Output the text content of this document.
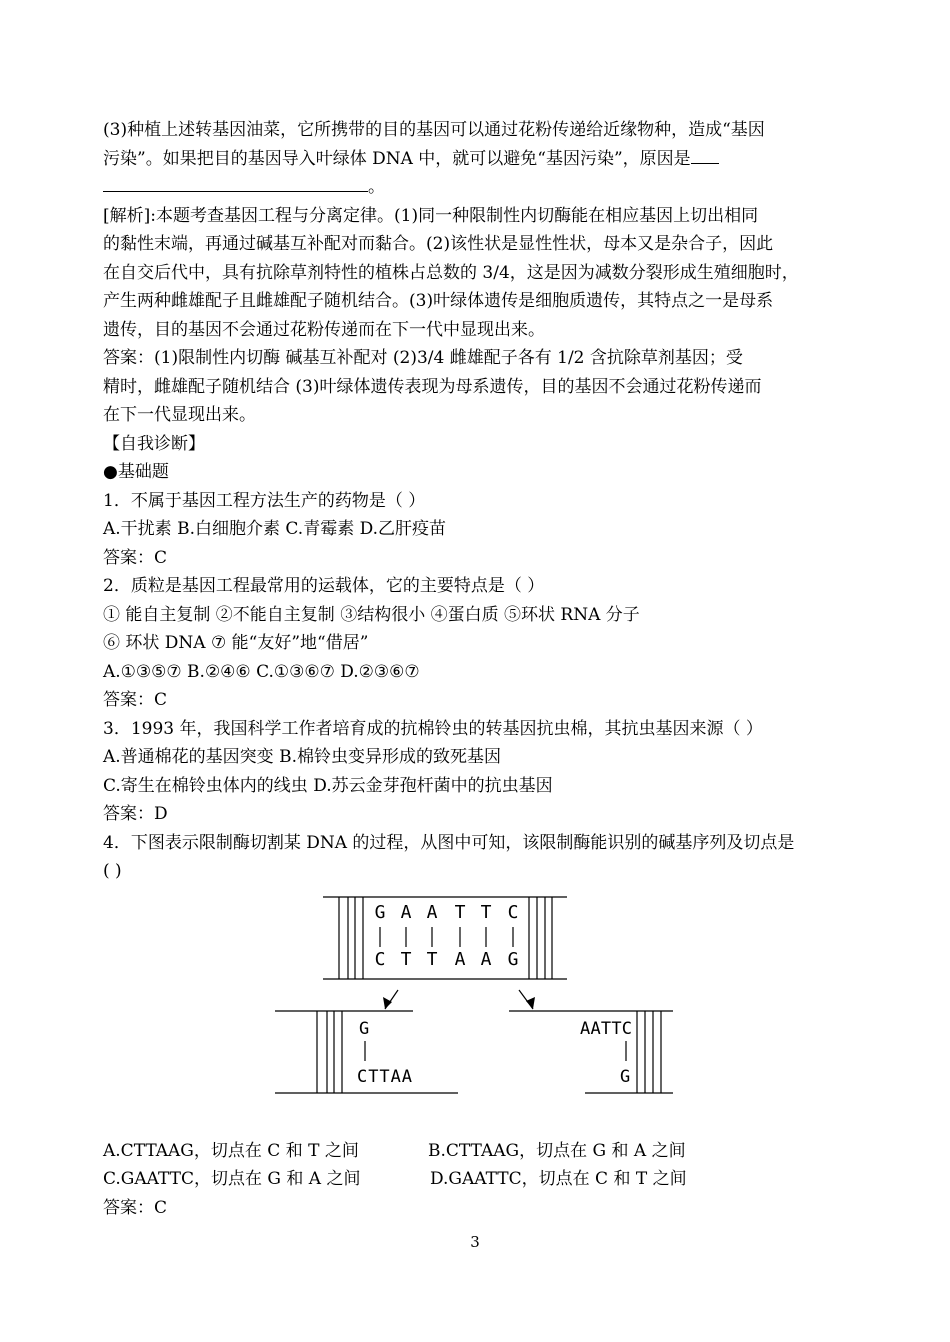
(3)种植上述转基因油菜，它所携带的目的基因可以通过花粉传递给近缘物种，造成“基因
污染”。如果把目的基因导入叶绿体 DNA 中，就可以避免“基因污染”，原因是
。
[解析]:本题考查基因工程与分离定律。(1)同一种限制性内切酶能在相应基因上切出相同
的黏性末端，再通过碱基互补配对而黏合。(2)该性状是显性性状，母本又是杂合子，因此
在自交后代中，具有抗除草剂特性的植株占总数的 3/4，这是因为减数分裂形成生殖细胞时，
产生两种雌雄配子且雌雄配子随机结合。(3)叶绿体遗传是细胞质遗传，其特点之一是母系
遗传，目的基因不会通过花粉传递而在下一代中显现出来。
答案：(1)限制性内切酶 碱基互补配对 (2)3/4 雌雄配子各有 1/2 含抗除草剂基因；受
精时，雌雄配子随机结合 (3)叶绿体遗传表现为母系遗传，目的基因不会通过花粉传递而
在下一代显现出来。
【自我诊断】
●基础题
1．不属于基因工程方法生产的药物是（ ）
A.干扰素 B.白细胞介素 C.青霉素 D.乙肝疫苗
答案：C
2．质粒是基因工程最常用的运载体，它的主要特点是（ ）
① 能自主复制 ②不能自主复制 ③结构很小 ④蛋白质 ⑤环状 RNA 分子
⑥ 环状 DNA ⑦ 能“友好”地“借居”
A.①③⑤⑦ B.②④⑥ C.①③⑥⑦ D.②③⑥⑦
答案：C
3．1993 年，我国科学工作者培育成的抗棉铃虫的转基因抗虫棉，其抗虫基因来源（ ）
A.普通棉花的基因突变 B.棉铃虫变异形成的致死基因
C.寄生在棉铃虫体内的线虫 D.苏云金芽孢杆菌中的抗虫基因
答案：D
4．下图表示限制酶切割某 DNA 的过程，从图中可知，该限制酶能识别的碱基序列及切点是
( )
G A A T T C
C T T A A G
G
CTTAA
AATTC
G
A.CTTAAG，切点在 C 和 T 之间	B.CTTAAG，切点在 G 和 A 之间
C.GAATTC，切点在 G 和 A 之间	D.GAATTC，切点在 C 和 T 之间
答案：C
3
